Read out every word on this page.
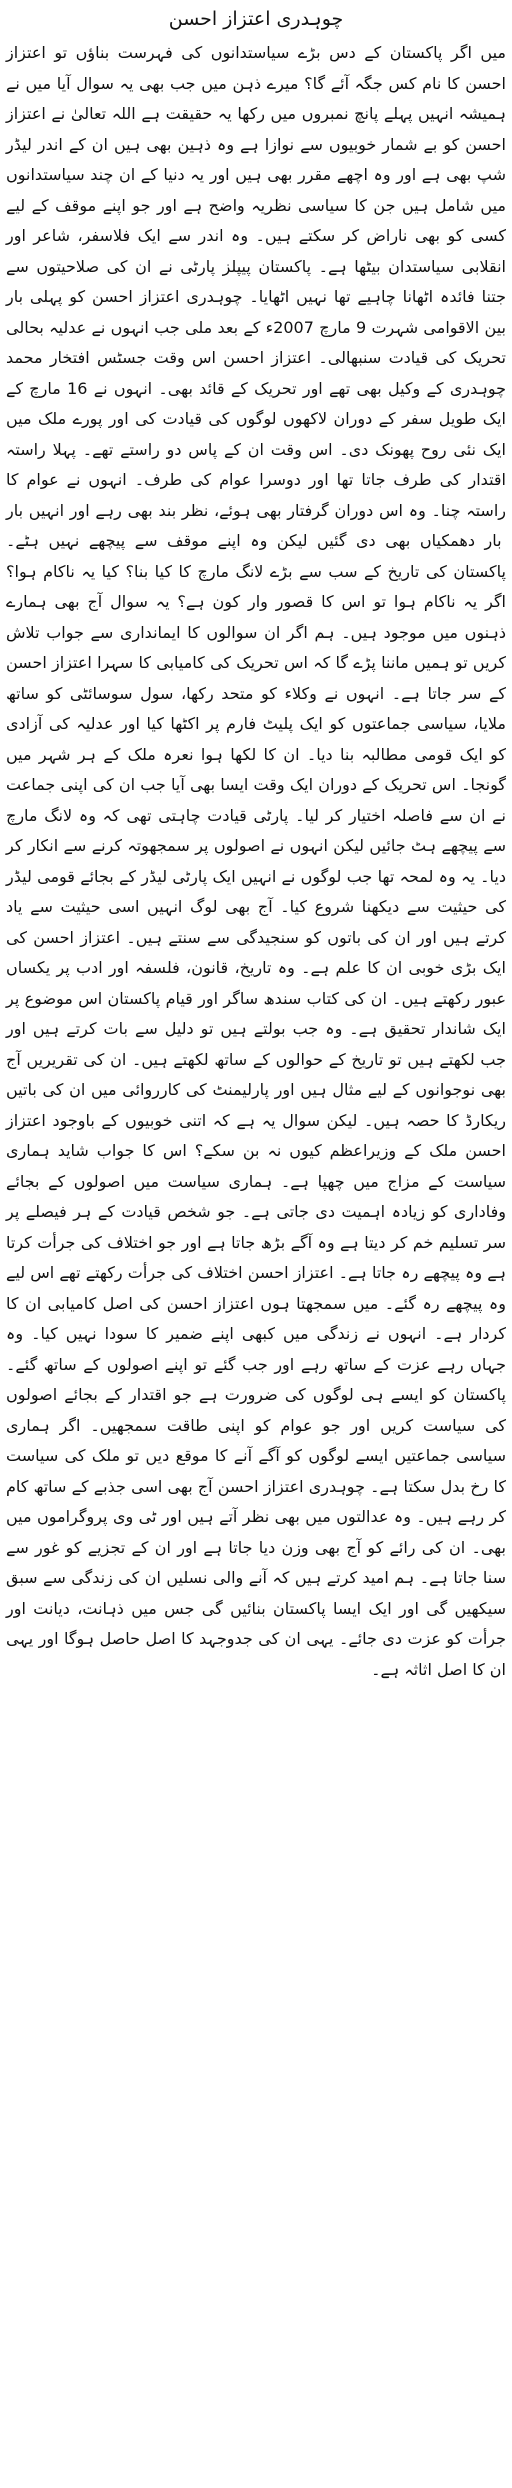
چوہدری اعتزاز احسن
میں اگر پاکستان کے دس بڑے سیاستدانوں کی فہرست بناؤں تو اعتزاز احسن کا نام کس جگہ آئے گا؟ میرے ذہن میں جب بھی یہ سوال آیا میں نے ہمیشہ انہیں پہلے پانچ نمبروں میں رکھا یہ حقیقت ہے اللہ تعالیٰ نے اعتزاز احسن کو بے شمار خوبیوں سے نوازا ہے وہ ذہین بھی ہیں ان کے اندر لیڈر شپ بھی ہے اور وہ اچھے مقرر بھی ہیں اور یہ دنیا کے ان چند سیاستدانوں میں شامل ہیں جن کا سیاسی نظریہ واضح ہے اور جو اپنے موقف کے لیے کسی کو بھی ناراض کر سکتے ہیں۔ وہ اندر سے ایک فلاسفر، شاعر اور انقلابی سیاستدان بیٹھا ہے۔ پاکستان پیپلز پارٹی نے ان کی صلاحیتوں سے جتنا فائدہ اٹھانا چاہیے تھا نہیں اٹھایا۔ چوہدری اعتزاز احسن کو پہلی بار بین الاقوامی شہرت 9 مارچ 2007ء کے بعد ملی جب انہوں نے عدلیہ بحالی تحریک کی قیادت سنبھالی۔ اعتزاز احسن اس وقت جسٹس افتخار محمد چوہدری کے وکیل بھی تھے اور تحریک کے قائد بھی۔ انہوں نے 16 مارچ کے ایک طویل سفر کے دوران لاکھوں لوگوں کی قیادت کی اور پورے ملک میں ایک نئی روح پھونک دی۔ اس وقت ان کے پاس دو راستے تھے۔ پہلا راستہ اقتدار کی طرف جاتا تھا اور دوسرا عوام کی طرف۔ انہوں نے عوام کا راستہ چنا۔ وہ اس دوران گرفتار بھی ہوئے، نظر بند بھی رہے اور انہیں بار بار دھمکیاں بھی دی گئیں لیکن وہ اپنے موقف سے پیچھے نہیں ہٹے۔ پاکستان کی تاریخ کے سب سے بڑے لانگ مارچ کا کیا بنا؟ کیا یہ ناکام ہوا؟ اگر یہ ناکام ہوا تو اس کا قصور وار کون ہے؟ یہ سوال آج بھی ہمارے ذہنوں میں موجود ہیں۔ ہم اگر ان سوالوں کا ایمانداری سے جواب تلاش کریں تو ہمیں ماننا پڑے گا کہ اس تحریک کی کامیابی کا سہرا اعتزاز احسن کے سر جاتا ہے۔ انہوں نے وکلاء کو متحد رکھا، سول سوسائٹی کو ساتھ ملایا، سیاسی جماعتوں کو ایک پلیٹ فارم پر اکٹھا کیا اور عدلیہ کی آزادی کو ایک قومی مطالبہ بنا دیا۔ ان کا لکھا ہوا نعرہ ملک کے ہر شہر میں گونجا۔ اس تحریک کے دوران ایک وقت ایسا بھی آیا جب ان کی اپنی جماعت نے ان سے فاصلہ اختیار کر لیا۔ پارٹی قیادت چاہتی تھی کہ وہ لانگ مارچ سے پیچھے ہٹ جائیں لیکن انہوں نے اصولوں پر سمجھوتہ کرنے سے انکار کر دیا۔ یہ وہ لمحہ تھا جب لوگوں نے انہیں ایک پارٹی لیڈر کے بجائے قومی لیڈر کی حیثیت سے دیکھنا شروع کیا۔ آج بھی لوگ انہیں اسی حیثیت سے یاد کرتے ہیں اور ان کی باتوں کو سنجیدگی سے سنتے ہیں۔ اعتزاز احسن کی ایک بڑی خوبی ان کا علم ہے۔ وہ تاریخ، قانون، فلسفہ اور ادب پر یکساں عبور رکھتے ہیں۔ ان کی کتاب سندھ ساگر اور قیام پاکستان اس موضوع پر ایک شاندار تحقیق ہے۔ وہ جب بولتے ہیں تو دلیل سے بات کرتے ہیں اور جب لکھتے ہیں تو تاریخ کے حوالوں کے ساتھ لکھتے ہیں۔ ان کی تقریریں آج بھی نوجوانوں کے لیے مثال ہیں اور پارلیمنٹ کی کارروائی میں ان کی باتیں ریکارڈ کا حصہ ہیں۔ لیکن سوال یہ ہے کہ اتنی خوبیوں کے باوجود اعتزاز احسن ملک کے وزیراعظم کیوں نہ بن سکے؟ اس کا جواب شاید ہماری سیاست کے مزاج میں چھپا ہے۔ ہماری سیاست میں اصولوں کے بجائے وفاداری کو زیادہ اہمیت دی جاتی ہے۔ جو شخص قیادت کے ہر فیصلے پر سر تسلیم خم کر دیتا ہے وہ آگے بڑھ جاتا ہے اور جو اختلاف کی جرأت کرتا ہے وہ پیچھے رہ جاتا ہے۔ اعتزاز احسن اختلاف کی جرأت رکھتے تھے اس لیے وہ پیچھے رہ گئے۔ میں سمجھتا ہوں اعتزاز احسن کی اصل کامیابی ان کا کردار ہے۔ انہوں نے زندگی میں کبھی اپنے ضمیر کا سودا نہیں کیا۔ وہ جہاں رہے عزت کے ساتھ رہے اور جب گئے تو اپنے اصولوں کے ساتھ گئے۔ پاکستان کو ایسے ہی لوگوں کی ضرورت ہے جو اقتدار کے بجائے اصولوں کی سیاست کریں اور جو عوام کو اپنی طاقت سمجھیں۔ اگر ہماری سیاسی جماعتیں ایسے لوگوں کو آگے آنے کا موقع دیں تو ملک کی سیاست کا رخ بدل سکتا ہے۔ چوہدری اعتزاز احسن آج بھی اسی جذبے کے ساتھ کام کر رہے ہیں۔ وہ عدالتوں میں بھی نظر آتے ہیں اور ٹی وی پروگراموں میں بھی۔ ان کی رائے کو آج بھی وزن دیا جاتا ہے اور ان کے تجزیے کو غور سے سنا جاتا ہے۔ ہم امید کرتے ہیں کہ آنے والی نسلیں ان کی زندگی سے سبق سیکھیں گی اور ایک ایسا پاکستان بنائیں گی جس میں ذہانت، دیانت اور جرأت کو عزت دی جائے۔ یہی ان کی جدوجہد کا اصل حاصل ہوگا اور یہی ان کا اصل اثاثہ ہے۔
